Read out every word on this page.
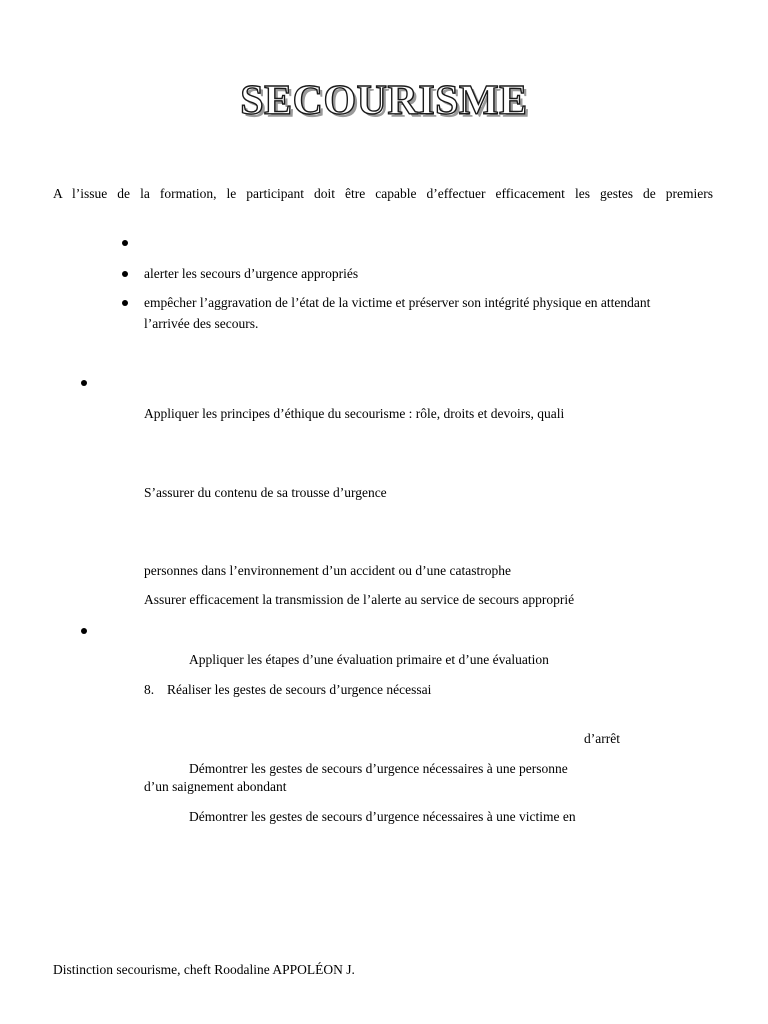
SECOURISME
A l’issue de la formation, le participant doit être capable d’effectuer efficacement les gestes de premiers
alerter les secours d’urgence appropriés
empêcher l’aggravation de l’état de la victime et préserver son intégrité physique en attendant
l’arrivée des secours.
Appliquer les principes d’éthique du secourisme : rôle, droits et devoirs, quali
S’assurer du contenu de sa trousse d’urgence
personnes dans l’environnement d’un accident ou d’une catastrophe
Assurer efficacement la transmission de l’alerte au service de secours approprié
Appliquer les étapes d’une évaluation primaire et d’une évaluation
8. Réaliser les gestes de secours d’urgence nécessai
d’arrêt
Démontrer les gestes de secours d’urgence nécessaires à une personne
d’un saignement abondant
Démontrer les gestes de secours d’urgence nécessaires à une victime en
Distinction secourisme, cheft Roodaline APPOLÉON J.
